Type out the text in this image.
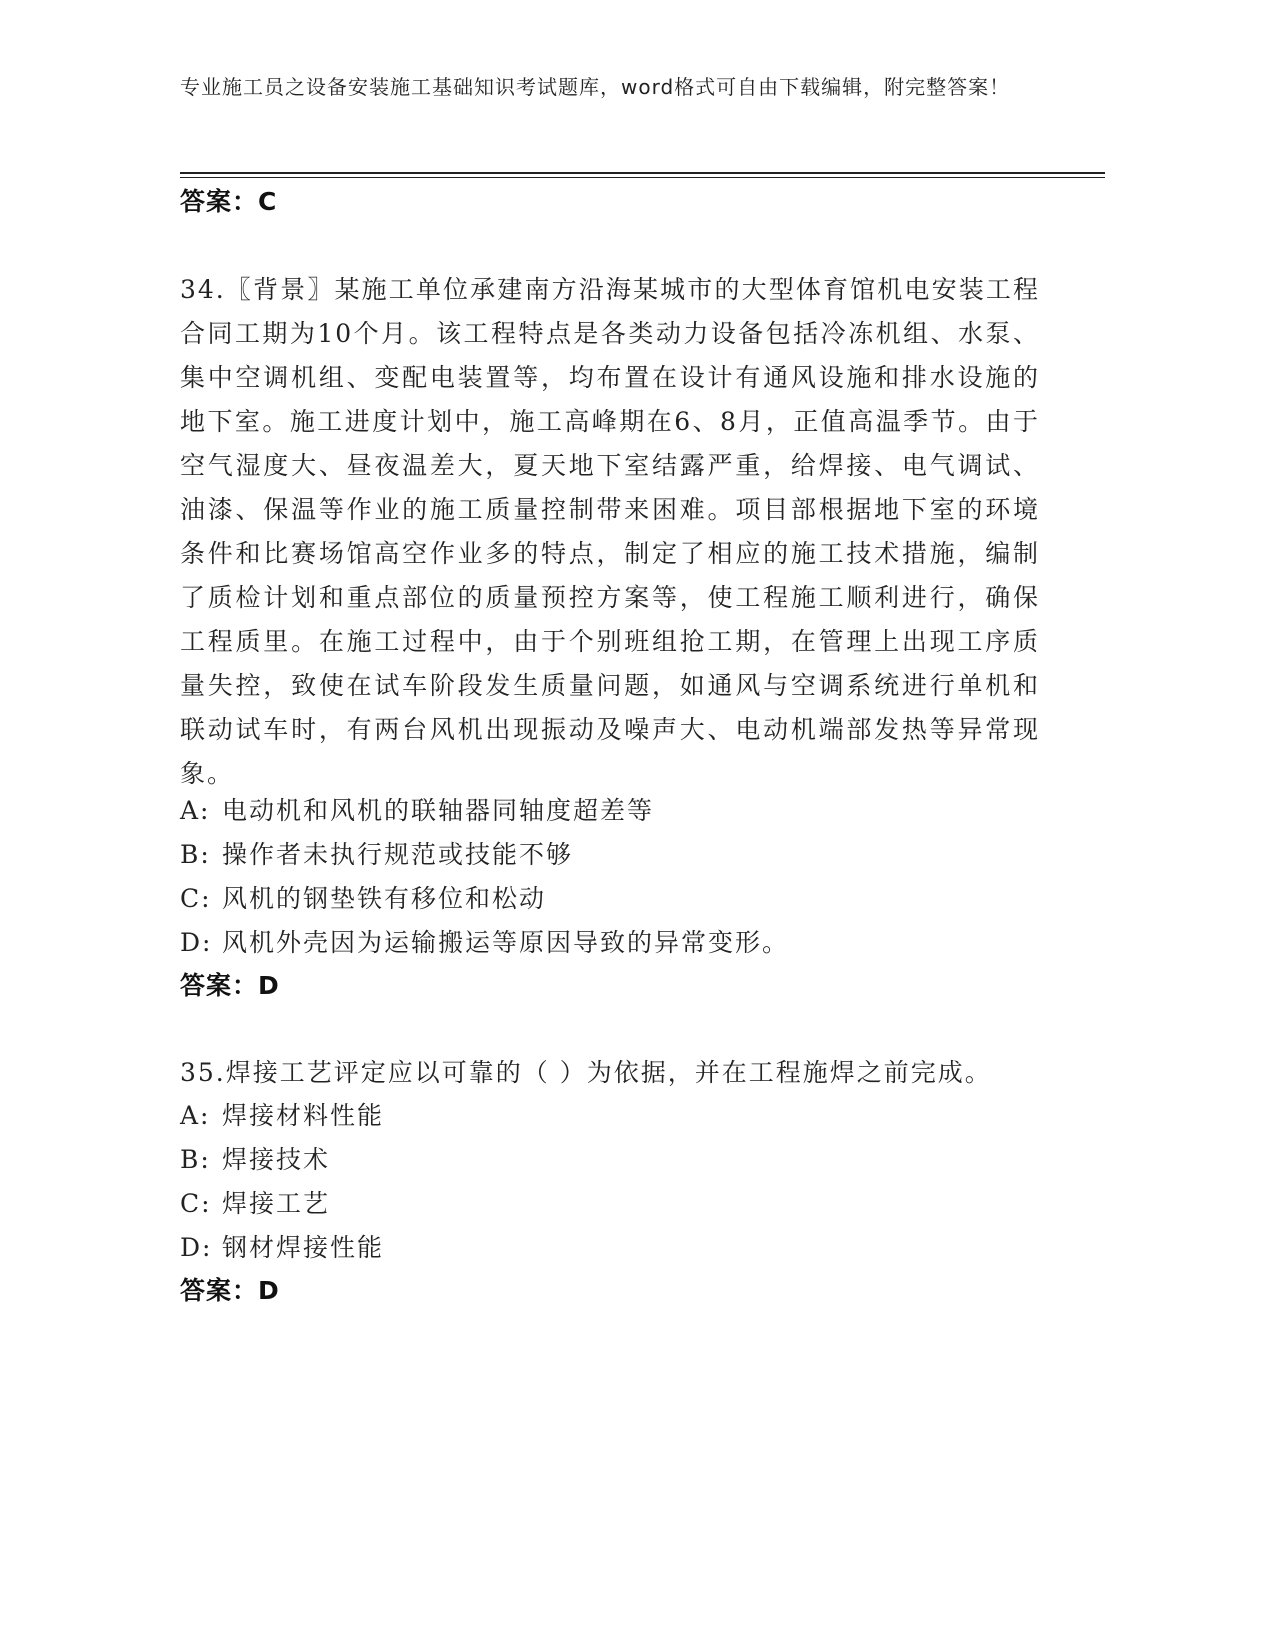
专业施工员之设备安装施工基础知识考试题库，word格式可自由下载编辑，附完整答案！
答案：C
34.〖背景〗某施工单位承建南方沿海某城市的大型体育馆机电安装工程合同工期为10个月。该工程特点是各类动力设备包括冷冻机组、水泵、集中空调机组、变配电装置等，均布置在设计有通风设施和排水设施的地下室。施工进度计划中，施工高峰期在6、8月，正值高温季节。由于空气湿度大、昼夜温差大，夏天地下室结露严重，给焊接、电气调试、油漆、保温等作业的施工质量控制带来困难。项目部根据地下室的环境条件和比赛场馆高空作业多的特点，制定了相应的施工技术措施，编制了质检计划和重点部位的质量预控方案等，使工程施工顺利进行，确保工程质里。在施工过程中，由于个别班组抢工期，在管理上出现工序质量失控，致使在试车阶段发生质量问题，如通风与空调系统进行单机和联动试车时，有两台风机出现振动及噪声大、电动机端部发热等异常现象。
A: 电动机和风机的联轴器同轴度超差等
B: 操作者未执行规范或技能不够
C: 风机的钢垫铁有移位和松动
D: 风机外壳因为运输搬运等原因导致的异常变形。
答案：D
35.焊接工艺评定应以可靠的（ ）为依据，并在工程施焊之前完成。
A: 焊接材料性能
B: 焊接技术
C: 焊接工艺
D: 钢材焊接性能
答案：D
